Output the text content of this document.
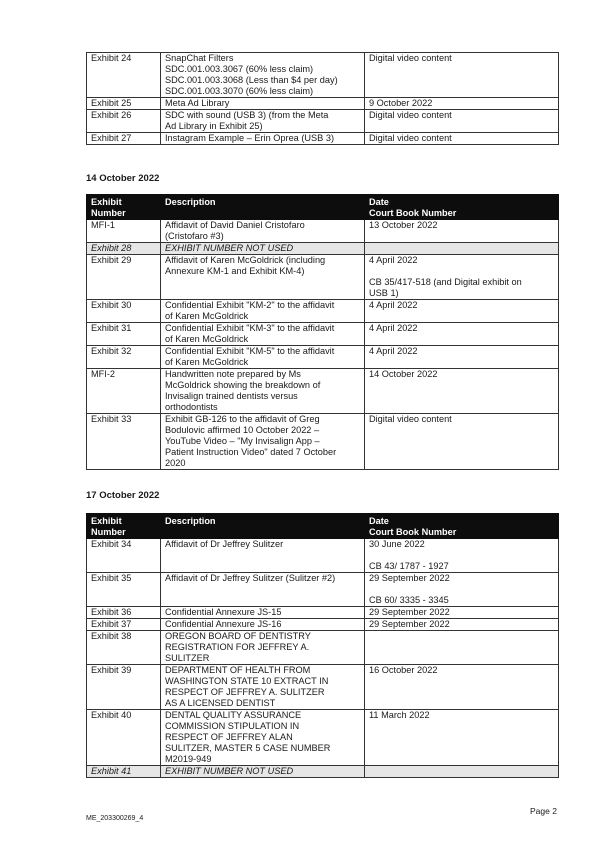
Exhibit 24	SnapChat Filters
SDC.001.003.3067 (60% less claim)
SDC.001.003.3068 (Less than $4 per day)
SDC.001.003.3070 (60% less claim)	Digital video content

Exhibit 25	Meta Ad Library	9 October 2022

Exhibit 26	SDC with sound (USB 3) (from the Meta
Ad Library in Exhibit 25)	Digital video content

Exhibit 27	Instagram Example – Erin Oprea (USB 3)	Digital video content
14 October 2022
Exhibit
Number	Description	Date
Court Book Number

MFI-1	Affidavit of David Daniel Cristofaro
(Cristofaro #3)	13 October 2022

Exhibit 28	EXHIBIT NUMBER NOT USED	

Exhibit 29	Affidavit of Karen McGoldrick (including
Annexure KM-1 and Exhibit KM-4)	4 April 2022

CB 35/417-518 (and Digital exhibit on
USB 1)

Exhibit 30	Confidential Exhibit "KM-2" to the affidavit
of Karen McGoldrick	4 April 2022

Exhibit 31	Confidential Exhibit "KM-3" to the affidavit
of Karen McGoldrick	4 April 2022

Exhibit 32	Confidential Exhibit "KM-5" to the affidavit
of Karen McGoldrick	4 April 2022

MFI-2	Handwritten note prepared by Ms
McGoldrick showing the breakdown of
Invisalign trained dentists versus
orthodontists	14 October 2022

Exhibit 33	Exhibit GB-126 to the affidavit of Greg
Bodulovic affirmed 10 October 2022 –
YouTube Video – "My Invisalign App –
Patient Instruction Video" dated 7 October
2020	Digital video content
17 October 2022
Exhibit
Number	Description	Date
Court Book Number

Exhibit 34	Affidavit of Dr Jeffrey Sulitzer	30 June 2022

CB 43/ 1787 - 1927

Exhibit 35	Affidavit of Dr Jeffrey Sulitzer (Sulitzer #2)	29 September 2022

CB 60/ 3335 - 3345

Exhibit 36	Confidential Annexure JS-15	29 September 2022

Exhibit 37	Confidential Annexure JS-16	29 September 2022

Exhibit 38	OREGON BOARD OF DENTISTRY
REGISTRATION FOR JEFFREY A.
SULITZER	

Exhibit 39	DEPARTMENT OF HEALTH FROM
WASHINGTON STATE 10 EXTRACT IN
RESPECT OF JEFFREY A. SULITZER
AS A LICENSED DENTIST	16 October 2022

Exhibit 40	DENTAL QUALITY ASSURANCE
COMMISSION STIPULATION IN
RESPECT OF JEFFREY ALAN
SULITZER, MASTER 5 CASE NUMBER
M2019-949	11 March 2022

Exhibit 41	EXHIBIT NUMBER NOT USED	

ME_203300269_4
Page 2
